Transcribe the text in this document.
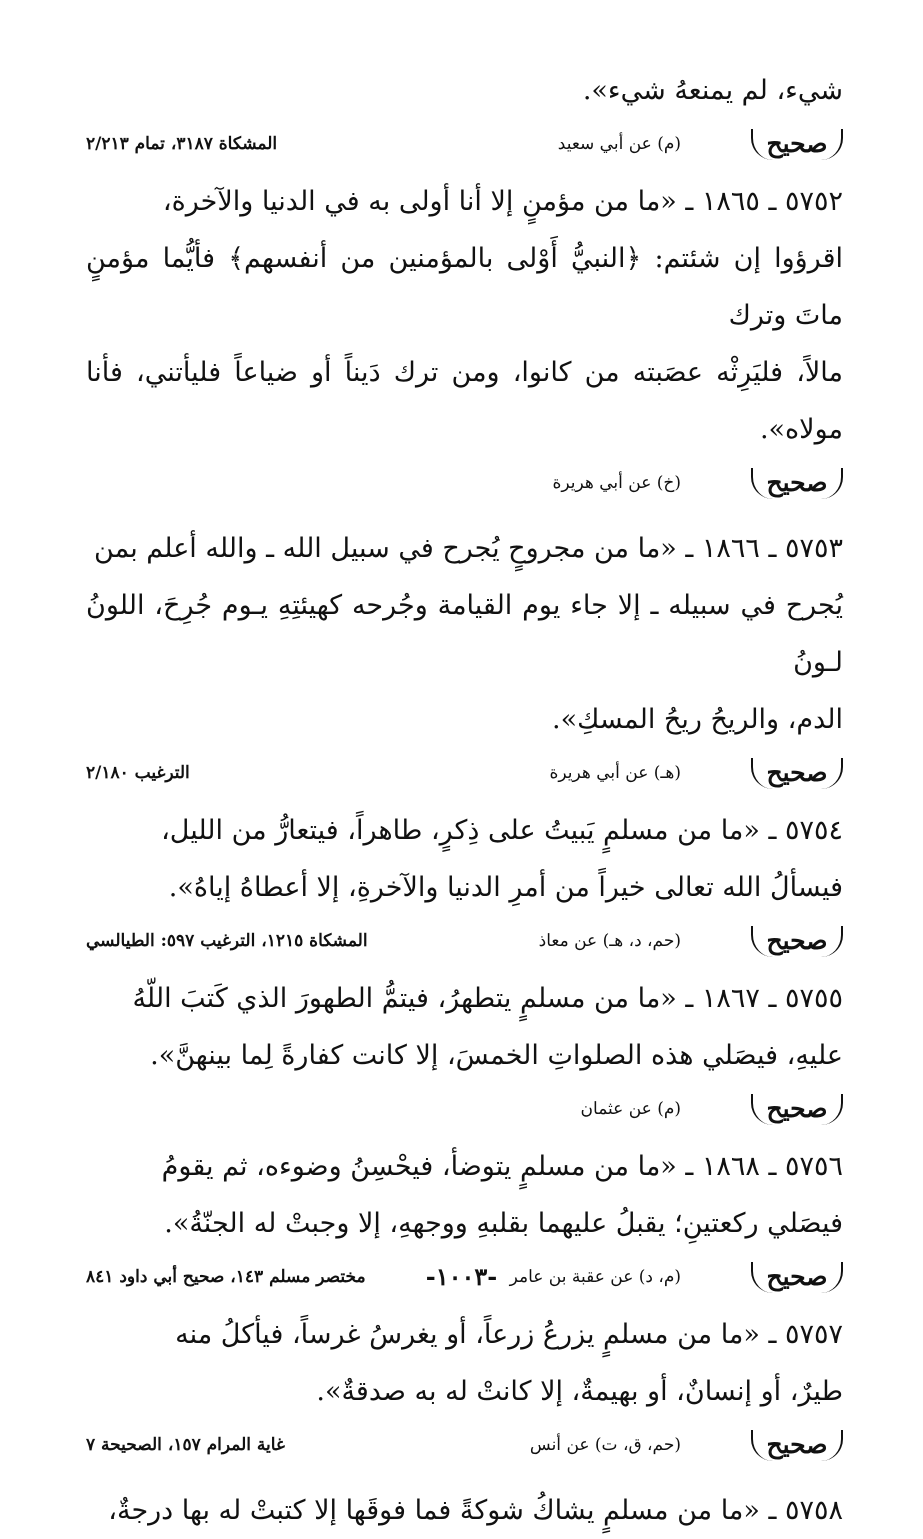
شيء، لم يمنعهُ شيء».

صحيح
(م) عن أبي سعيد
المشكاة ٣١٨٧، تمام ٢/٢١٣

٥٧٥٢ ـ ١٨٦٥ ـ «ما من مؤمنٍ إلا أنا أولى به في الدنيا والآخرة،

اقرؤوا إن شئتم: ﴿النبيُّ أَوْلى بالمؤمنين من أنفسهم﴾ فأيُّما مؤمنٍ ماتَ وترك

مالاً، فليَرِثْه عصَبته من كانوا، ومن ترك دَيناً أو ضياعاً فليأتني، فأنا مولاه».

صحيح
(خ) عن أبي هريرة

٥٧٥٣ ـ ١٨٦٦ ـ «ما من مجروحٍ يُجرح في سبيل الله ـ والله أعلم بمن

يُجرح في سبيله ـ إلا جاء يوم القيامة وجُرحه كهيئتِهِ يـوم جُرِحَ، اللونُ لـونُ

الدم، والريحُ ريحُ المسكِ».

صحيح
(هـ) عن أبي هريرة
الترغيب ٢/١٨٠

٥٧٥٤ ـ «ما من مسلمٍ يَبيتُ على ذِكرٍ، طاهراً، فيتعارُّ من الليل،

فيسألُ الله تعالى خيراً من أمرِ الدنيا والآخرةِ، إلا أعطاهُ إياهُ».

صحيح
(حم، د، هـ) عن معاذ
المشكاة ١٢١٥، الترغيب ٥٩٧: الطيالسي

٥٧٥٥ ـ ١٨٦٧ ـ «ما من مسلمٍ يتطهرُ، فيتمُّ الطهورَ الذي كَتبَ اللّهُ

عليهِ، فيصَلي هذه الصلواتِ الخمسَ، إلا كانت كفارةً لِما بينهنَّ».

صحيح
(م) عن عثمان

٥٧٥٦ ـ ١٨٦٨ ـ «ما من مسلمٍ يتوضأ، فيحْسِنُ وضوءه، ثم يقومُ

فيصَلي ركعتينِ؛ يقبلُ عليهما بقلبهِ ووجههِ، إلا وجبتْ له الجنّةُ».

صحيح
(م، د) عن عقبة بن عامر
مختصر مسلم ١٤٣، صحيح أبي داود ٨٤١

٥٧٥٧ ـ «ما من مسلمٍ يزرعُ زرعاً، أو يغرسُ غرساً، فيأكلُ منه

طيرٌ، أو إنسانٌ، أو بهيمةٌ، إلا كانتْ له به صدقةٌ».

صحيح
(حم، ق، ت) عن أنس
غاية المرام ١٥٧، الصحيحة ٧

٥٧٥٨ ـ «ما من مسلمٍ يشاكُ شوكةً فما فوقَها إلا كتبتْ له بها درجةٌ،

-١٠٠٣-
